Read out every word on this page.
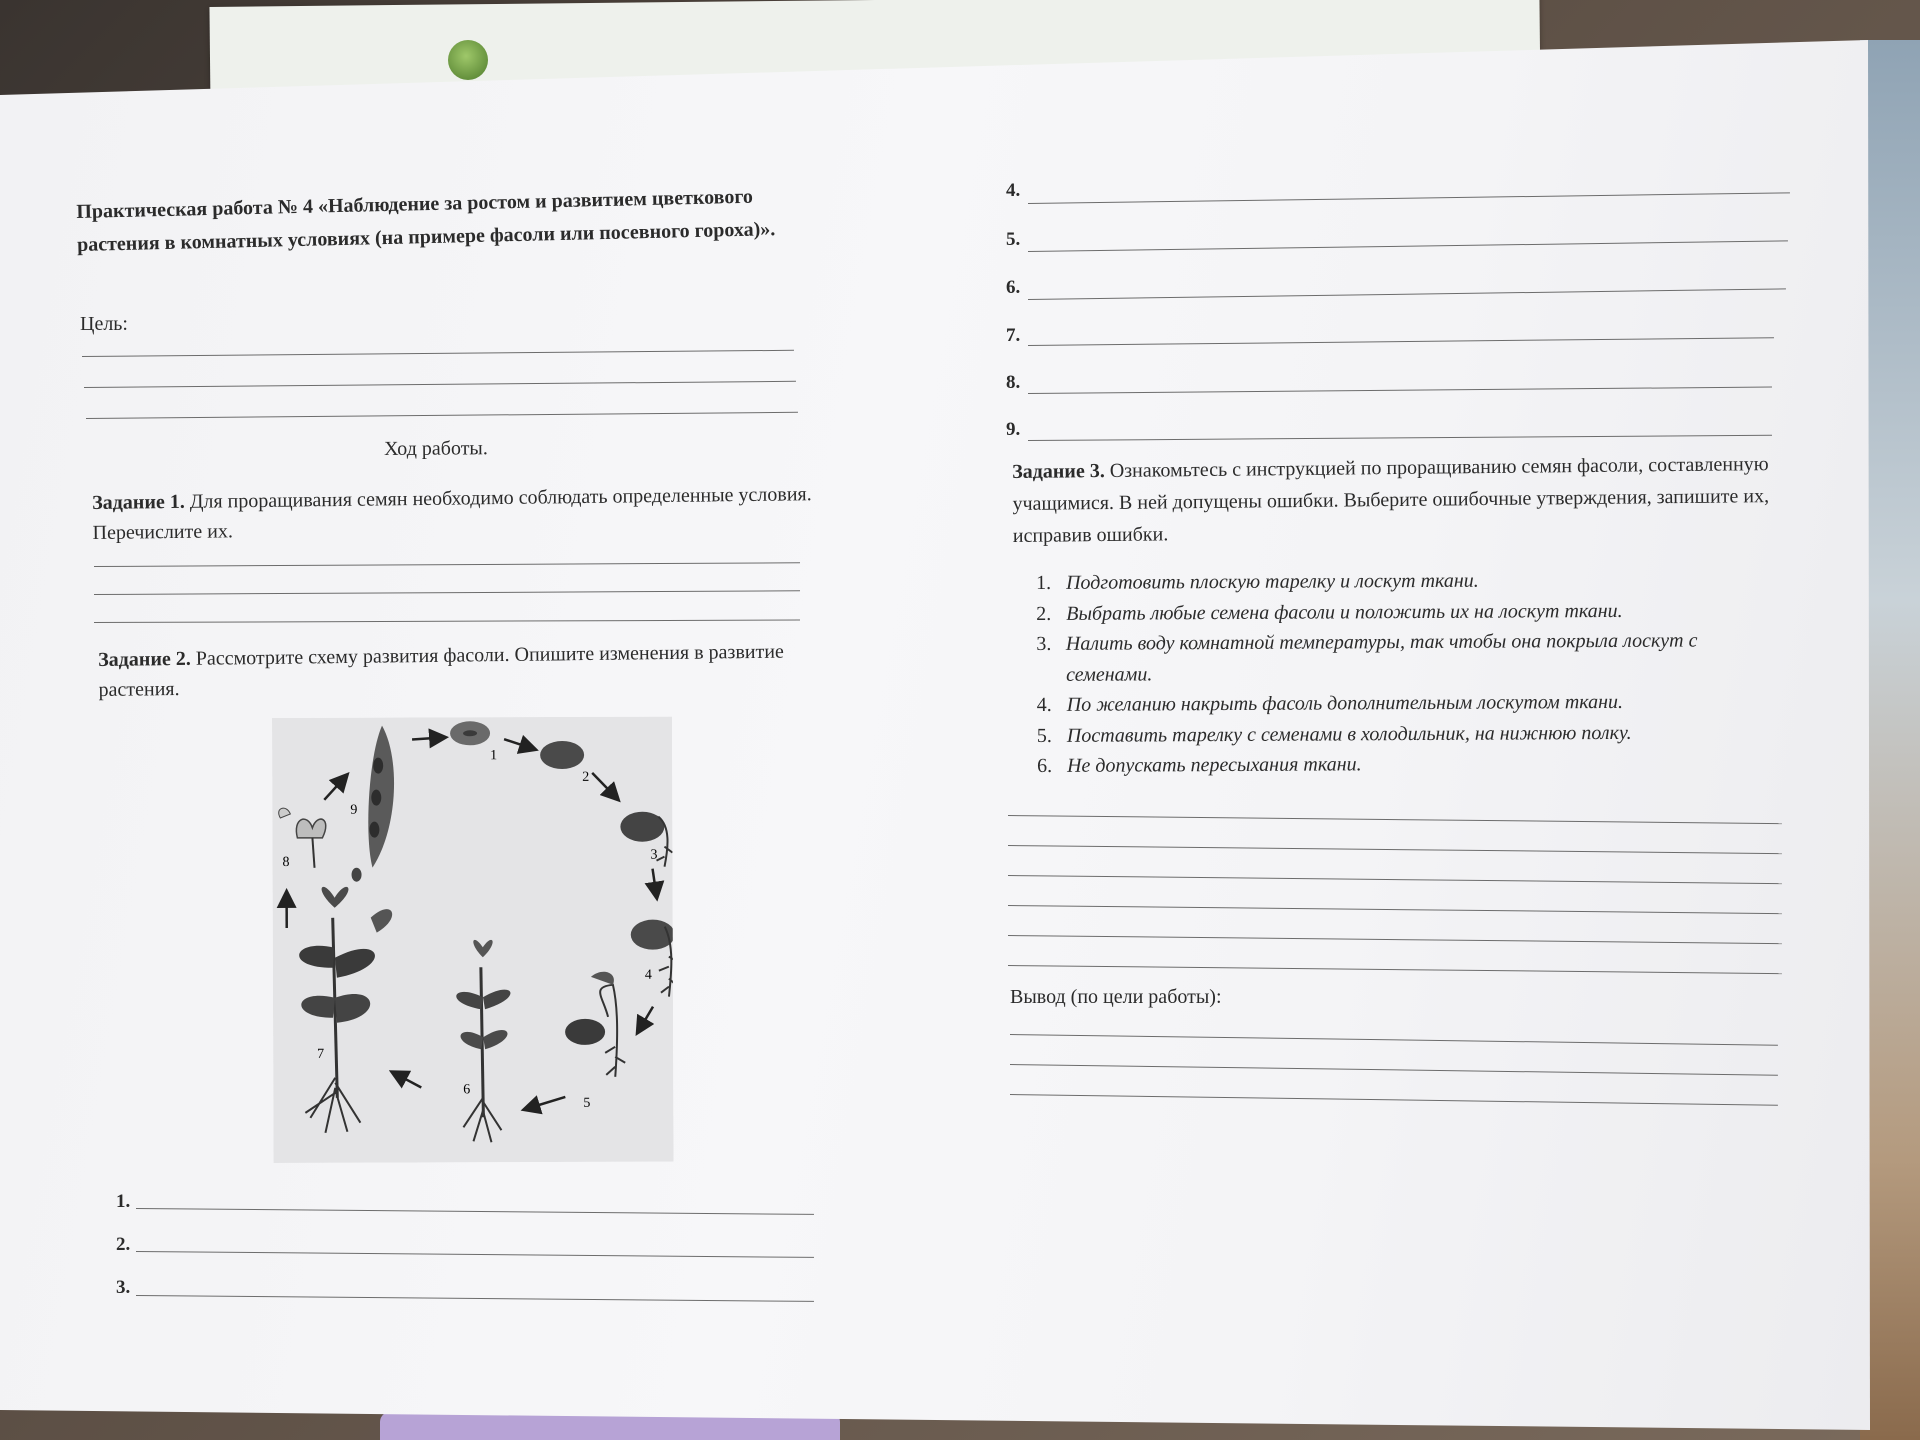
Практическая работа № 4 «Наблюдение за ростом и развитием цветкового растения в комнатных условиях (на примере фасоли или посевного гороха)».
Цель:
Ход работы.
Задание 1. Для проращивания семян необходимо соблюдать определенные условия. Перечислите их.
Задание 2. Рассмотрите схему развития фасоли. Опишите изменения в развитие растения.
1
2
3
4
5
6
7
8
9
1.
2.
3.
4.
5.
6.
7.
8.
9.
Задание 3. Ознакомьтесь с инструкцией по проращиванию семян фасоли, составленную учащимися. В ней допущены ошибки. Выберите ошибочные утверждения, запишите их, исправив ошибки.
1. Подготовить плоскую тарелку и лоскут ткани.
2. Выбрать любые семена фасоли и положить их на лоскут ткани.
3. Налить воду комнатной температуры, так чтобы она покрыла лоскут с семенами.
4. По желанию накрыть фасоль дополнительным лоскутом ткани.
5. Поставить тарелку с семенами в холодильник, на нижнюю полку.
6. Не допускать пересыхания ткани.
Вывод (по цели работы):
